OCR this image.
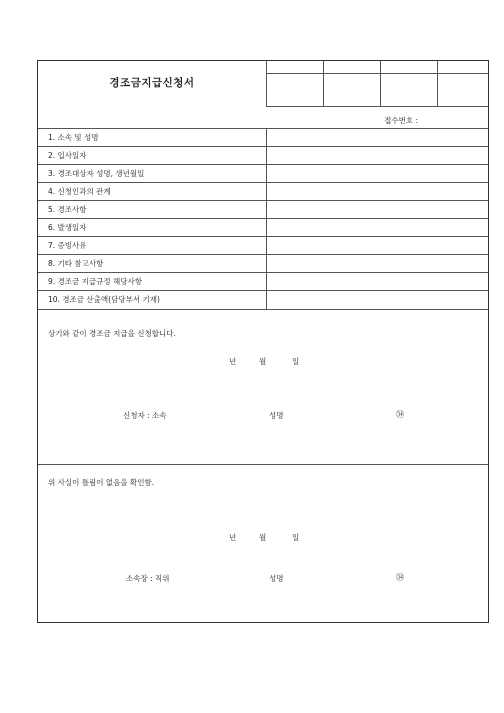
경조금지급신청서
접수번호 :
1. 소속 및 성명
2. 입사일자
3. 경조대상자 성명, 생년월일
4. 신청인과의 관계
5. 경조사항
6. 발생일자
7. 증빙사유
8. 기타 참고사항
9. 경조금 지급규정 해당사항
10. 경조금 산출액(담당부서 기재)
상기와 같이 경조금 지급을 신청합니다.
년	월	일
신청자 : 소속	성명	㉞
위 사실이 틀림이 없음을 확인함.
년	월	일
소속장 : 직위	성명	㉞
